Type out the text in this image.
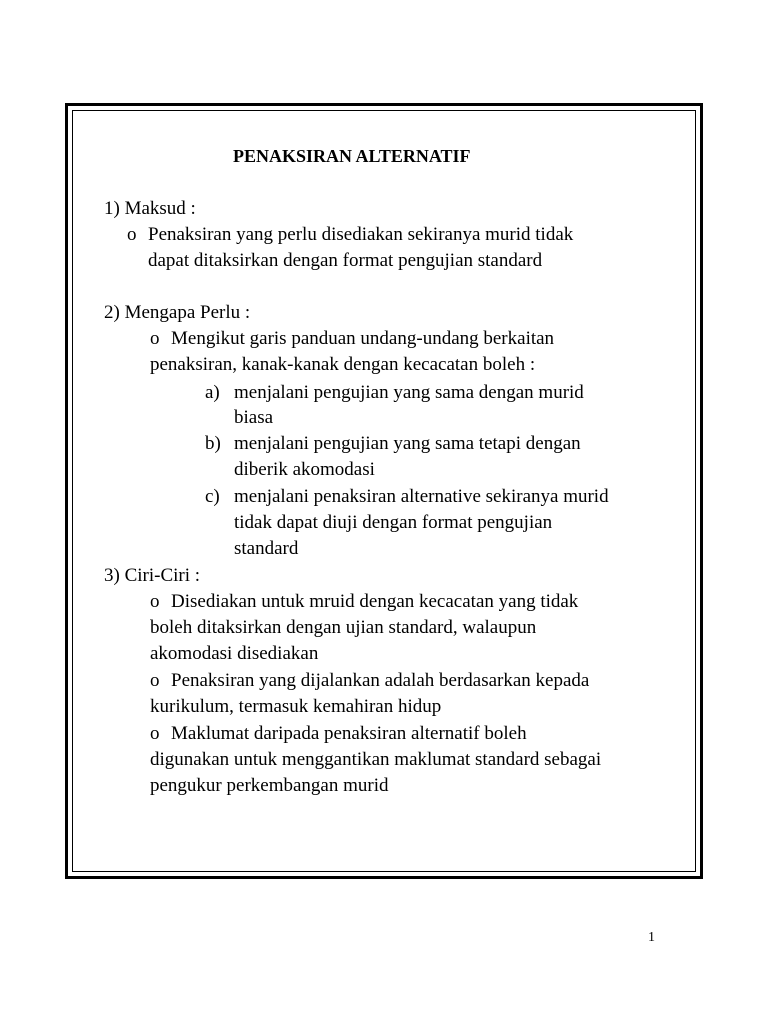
PENAKSIRAN ALTERNATIF
1) Maksud :
o Penaksiran yang perlu disediakan sekiranya murid tidak
dapat ditaksirkan dengan format pengujian standard
2) Mengapa Perlu :
o Mengikut garis panduan undang-undang berkaitan
penaksiran, kanak-kanak dengan kecacatan boleh :
a) menjalani pengujian yang sama dengan murid
biasa
b) menjalani pengujian yang sama tetapi dengan
diberik akomodasi
c) menjalani penaksiran alternative sekiranya murid
tidak dapat diuji dengan format pengujian
standard
3) Ciri-Ciri :
o Disediakan untuk mruid dengan kecacatan yang tidak
boleh ditaksirkan dengan ujian standard, walaupun
akomodasi disediakan
o Penaksiran yang dijalankan adalah berdasarkan kepada
kurikulum, termasuk kemahiran hidup
o Maklumat daripada penaksiran alternatif boleh
digunakan untuk menggantikan maklumat standard sebagai
pengukur perkembangan murid
1
